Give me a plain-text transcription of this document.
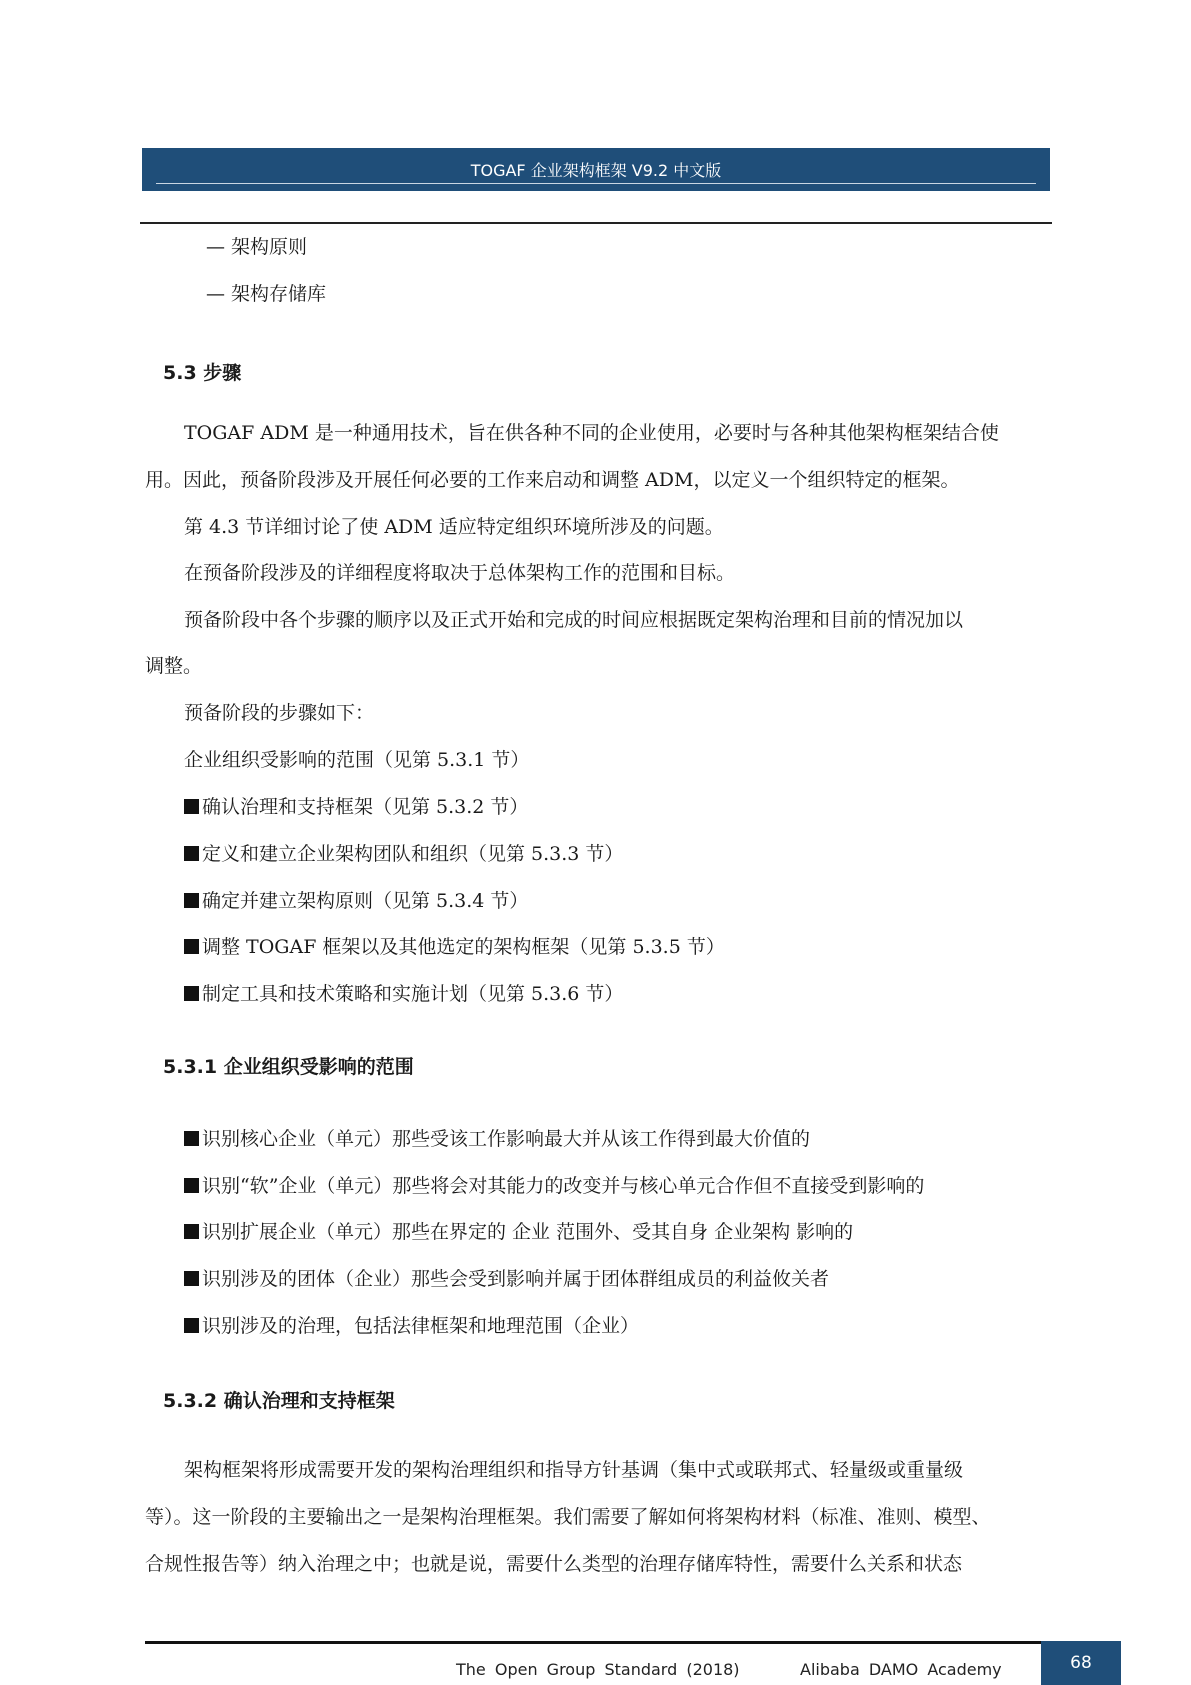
TOGAF 企业架构框架 V9.2 中文版
— 架构原则
— 架构存储库
5.3 步骤
TOGAF ADM 是一种通用技术，旨在供各种不同的企业使用，必要时与各种其他架构框架结合使
用。因此，预备阶段涉及开展任何必要的工作来启动和调整 ADM，以定义一个组织特定的框架。
第 4.3 节详细讨论了使 ADM 适应特定组织环境所涉及的问题。
在预备阶段涉及的详细程度将取决于总体架构工作的范围和目标。
预备阶段中各个步骤的顺序以及正式开始和完成的时间应根据既定架构治理和目前的情况加以
调整。
预备阶段的步骤如下：
企业组织受影响的范围（见第 5.3.1 节）
确认治理和支持框架（见第 5.3.2 节）
定义和建立企业架构团队和组织（见第 5.3.3 节）
确定并建立架构原则（见第 5.3.4 节）
调整 TOGAF 框架以及其他选定的架构框架（见第 5.3.5 节）
制定工具和技术策略和实施计划（见第 5.3.6 节）
5.3.1 企业组织受影响的范围
识别核心企业（单元）那些受该工作影响最大并从该工作得到最大价值的
识别“软”企业（单元）那些将会对其能力的改变并与核心单元合作但不直接受到影响的
识别扩展企业（单元）那些在界定的 企业 范围外、受其自身 企业架构 影响的
识别涉及的团体（企业）那些会受到影响并属于团体群组成员的利益攸关者
识别涉及的治理，包括法律框架和地理范围（企业）
5.3.2 确认治理和支持框架
架构框架将形成需要开发的架构治理组织和指导方针基调（集中式或联邦式、轻量级或重量级
等）。这一阶段的主要输出之一是架构治理框架。我们需要了解如何将架构材料（标准、准则、模型、
合规性报告等）纳入治理之中；也就是说，需要什么类型的治理存储库特性，需要什么关系和状态
The Open Group Standard (2018)	Alibaba DAMO Academy	68
